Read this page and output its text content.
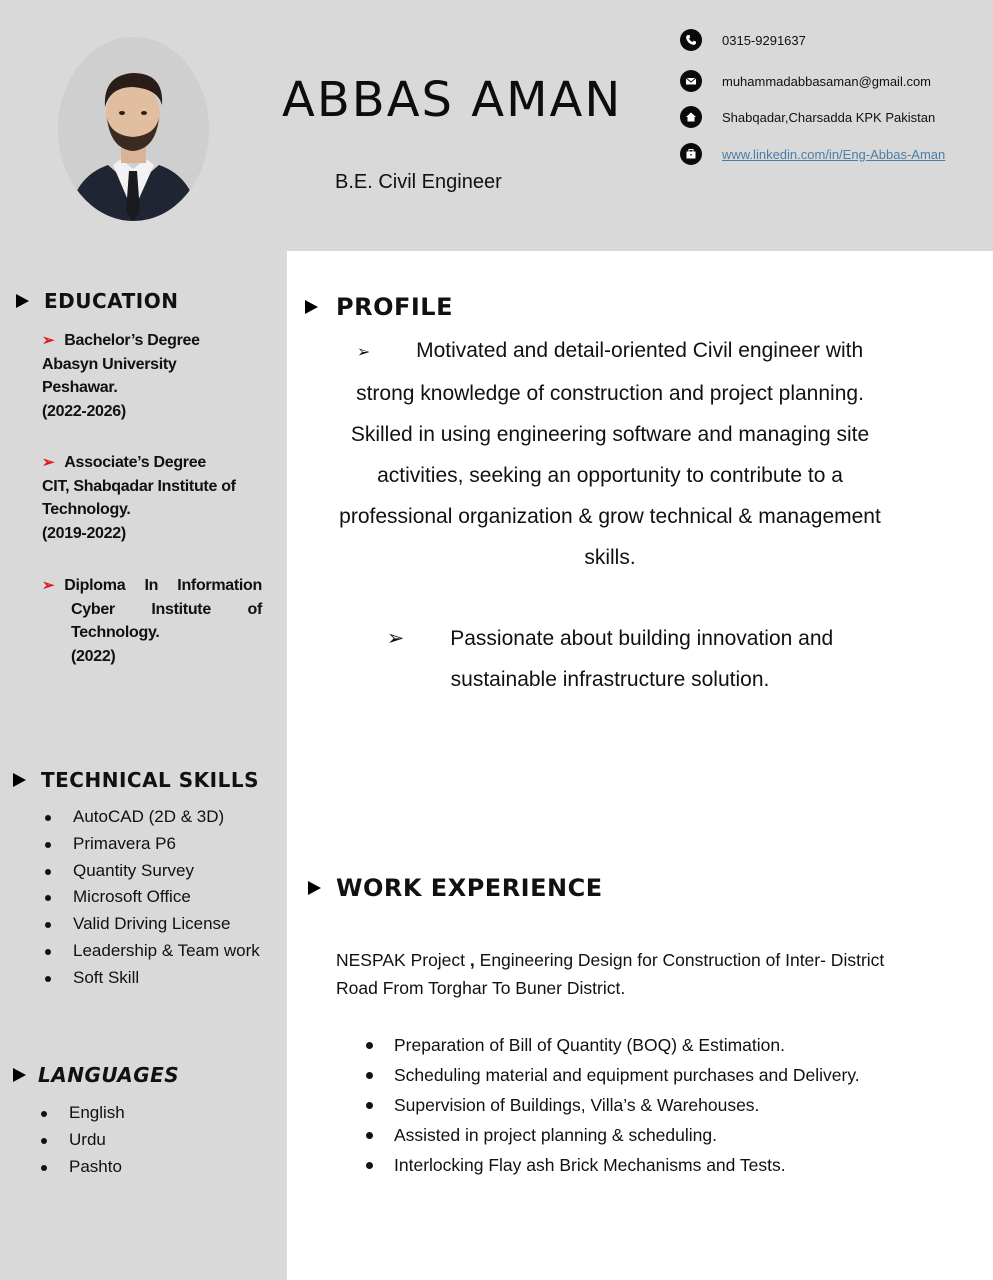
ABBAS AMAN
B.E. Civil Engineer
0315-9291637
muhammadabbasaman@gmail.com
Shabqadar,Charsadda KPK Pakistan
www.linkedin.com/in/Eng-Abbas-Aman
EDUCATION
➢ Bachelor’s Degree
Abasyn University
Peshawar.
(2022-2026)
➢ Associate’s Degree
CIT, Shabqadar Institute of
Technology.
(2019-2022)
➢ Diploma In Information
Cyber Institute of
Technology.
(2022)
TECHNICAL SKILLS
AutoCAD (2D & 3D)
Primavera P6
Quantity Survey
Microsoft Office
Valid Driving License
Leadership & Team work
Soft Skill
LANGUAGES
English
Urdu
Pashto
PROFILE
➢ Motivated and detail-oriented Civil engineer with strong knowledge of construction and project planning. Skilled in using engineering software and managing site activities, seeking an opportunity to contribute to a professional organization & grow technical & management skills.
➢ Passionate about building innovation and sustainable infrastructure solution.
WORK EXPERIENCE
NESPAK Project , Engineering Design for Construction of Inter- District Road From Torghar To Buner District.
Preparation of Bill of Quantity (BOQ) & Estimation.
Scheduling material and equipment purchases and Delivery.
Supervision of Buildings, Villa’s & Warehouses.
Assisted in project planning & scheduling.
Interlocking Flay ash Brick Mechanisms and Tests.
